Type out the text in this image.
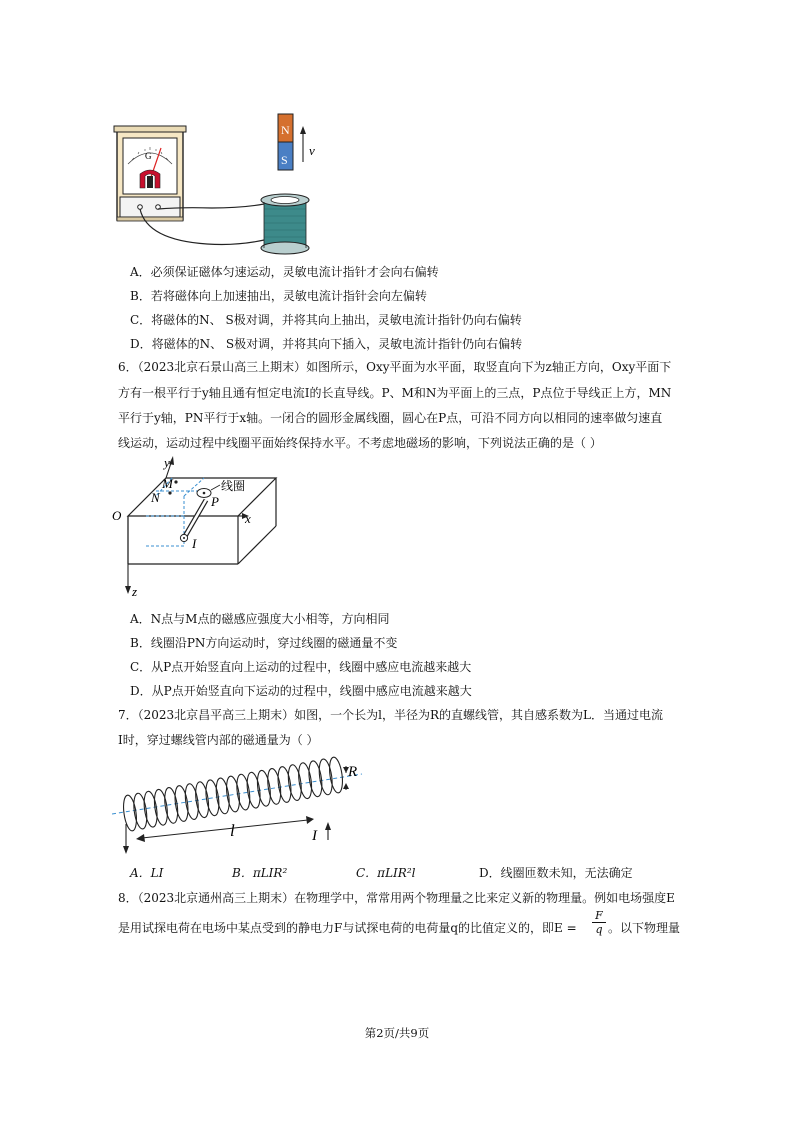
G
N
S
v
A．必须保证磁体匀速运动，灵敏电流计指针才会向右偏转
B．若将磁体向上加速抽出，灵敏电流计指针会向左偏转
C．将磁体的N、 S极对调，并将其向上抽出，灵敏电流计指针仍向右偏转
D．将磁体的N、 S极对调，并将其向下插入，灵敏电流计指针仍向右偏转
6．（2023北京石景山高三上期末）如图所示，Oxy平面为水平面，取竖直向下为z轴正方向，Oxy平面下
方有一根平行于y轴且通有恒定电流I的长直导线。P、M和N为平面上的三点，P点位于导线正上方，MN
平行于y轴，PN平行于x轴。一闭合的圆形金属线圈，圆心在P点，可沿不同方向以相同的速率做匀速直
线运动，运动过程中线圈平面始终保持水平。不考虑地磁场的影响，下列说法正确的是（ ）
y
x
z
O
I
M
N	P
线圈
A．N点与M点的磁感应强度大小相等，方向相同
B．线圈沿PN方向运动时，穿过线圈的磁通量不变
C．从P点开始竖直向上运动的过程中，线圈中感应电流越来越大
D．从P点开始竖直向下运动的过程中，线圈中感应电流越来越大
7．（2023北京昌平高三上期末）如图，一个长为l，半径为R的直螺线管，其自感系数为L．当通过电流
I时，穿过螺线管内部的磁通量为（ ）
I
l
R
A．LI	B．πLIR²	C．πLIR²l	D．线圈匝数未知，无法确定
8．（2023北京通州高三上期末）在物理学中，常常用两个物理量之比来定义新的物理量。例如电场强度E
是用试探电荷在电场中某点受到的静电力F与试探电荷的电荷量q的比值定义的，即E =
F
q 。以下物理量
第2页/共9页
